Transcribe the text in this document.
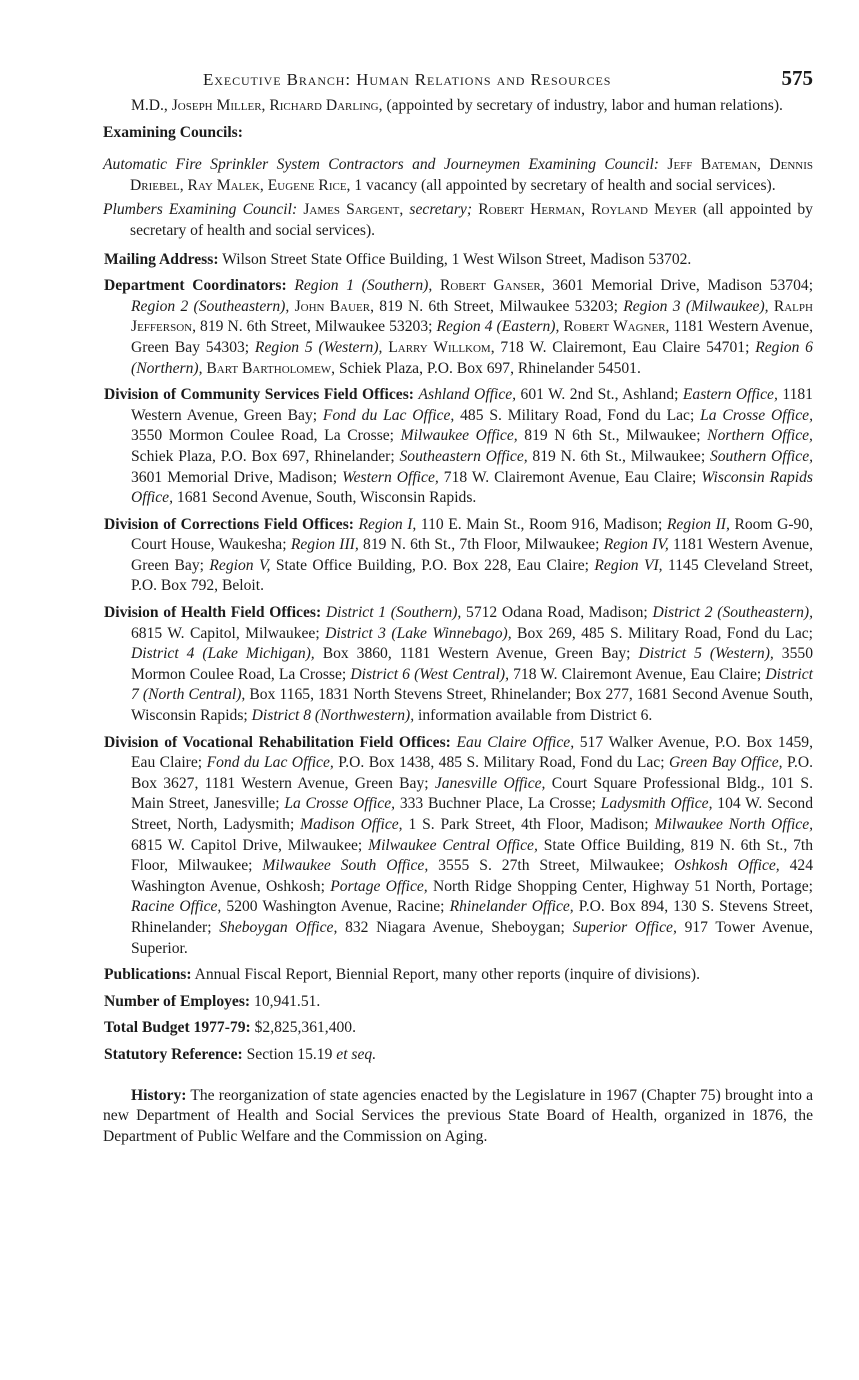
Executive Branch: Human Relations and Resources	575

M.D., Joseph Miller, Richard Darling, (appointed by secretary of industry, labor and human relations).

Examining Councils:

Automatic Fire Sprinkler System Contractors and Journeymen Examining Council: Jeff Bateman, Dennis Driebel, Ray Malek, Eugene Rice, 1 vacancy (all appointed by secretary of health and social services).

Plumbers Examining Council: James Sargent, secretary; Robert Herman, Royland Meyer (all appointed by secretary of health and social services).

Mailing Address: Wilson Street State Office Building, 1 West Wilson Street, Madison 53702.

Department Coordinators: Region 1 (Southern), Robert Ganser, 3601 Memorial Drive, Madison 53704; Region 2 (Southeastern), John Bauer, 819 N. 6th Street, Milwaukee 53203; Region 3 (Milwaukee), Ralph Jefferson, 819 N. 6th Street, Milwaukee 53203; Region 4 (Eastern), Robert Wagner, 1181 Western Avenue, Green Bay 54303; Region 5 (Western), Larry Willkom, 718 W. Clairemont, Eau Claire 54701; Region 6 (Northern), Bart Bartholomew, Schiek Plaza, P.O. Box 697, Rhinelander 54501.

Division of Community Services Field Offices: Ashland Office, 601 W. 2nd St., Ashland; Eastern Office, 1181 Western Avenue, Green Bay; Fond du Lac Office, 485 S. Military Road, Fond du Lac; La Crosse Office, 3550 Mormon Coulee Road, La Crosse; Milwaukee Office, 819 N 6th St., Milwaukee; Northern Office, Schiek Plaza, P.O. Box 697, Rhinelander; Southeastern Office, 819 N. 6th St., Milwaukee; Southern Office, 3601 Memorial Drive, Madison; Western Office, 718 W. Clairemont Avenue, Eau Claire; Wisconsin Rapids Office, 1681 Second Avenue, South, Wisconsin Rapids.

Division of Corrections Field Offices: Region I, 110 E. Main St., Room 916, Madison; Region II, Room G-90, Court House, Waukesha; Region III, 819 N. 6th St., 7th Floor, Milwaukee; Region IV, 1181 Western Avenue, Green Bay; Region V, State Office Building, P.O. Box 228, Eau Claire; Region VI, 1145 Cleveland Street, P.O. Box 792, Beloit.

Division of Health Field Offices: District 1 (Southern), 5712 Odana Road, Madison; District 2 (Southeastern), 6815 W. Capitol, Milwaukee; District 3 (Lake Winnebago), Box 269, 485 S. Military Road, Fond du Lac; District 4 (Lake Michigan), Box 3860, 1181 Western Avenue, Green Bay; District 5 (Western), 3550 Mormon Coulee Road, La Crosse; District 6 (West Central), 718 W. Clairemont Avenue, Eau Claire; District 7 (North Central), Box 1165, 1831 North Stevens Street, Rhinelander; Box 277, 1681 Second Avenue South, Wisconsin Rapids; District 8 (Northwestern), information available from District 6.

Division of Vocational Rehabilitation Field Offices: Eau Claire Office, 517 Walker Avenue, P.O. Box 1459, Eau Claire; Fond du Lac Office, P.O. Box 1438, 485 S. Military Road, Fond du Lac; Green Bay Office, P.O. Box 3627, 1181 Western Avenue, Green Bay; Janesville Office, Court Square Professional Bldg., 101 S. Main Street, Janesville; La Crosse Office, 333 Buchner Place, La Crosse; Ladysmith Office, 104 W. Second Street, North, Ladysmith; Madison Office, 1 S. Park Street, 4th Floor, Madison; Milwaukee North Office, 6815 W. Capitol Drive, Milwaukee; Milwaukee Central Office, State Office Building, 819 N. 6th St., 7th Floor, Milwaukee; Milwaukee South Office, 3555 S. 27th Street, Milwaukee; Oshkosh Office, 424 Washington Avenue, Oshkosh; Portage Office, North Ridge Shopping Center, Highway 51 North, Portage; Racine Office, 5200 Washington Avenue, Racine; Rhinelander Office, P.O. Box 894, 130 S. Stevens Street, Rhinelander; Sheboygan Office, 832 Niagara Avenue, Sheboygan; Superior Office, 917 Tower Avenue, Superior.

Publications: Annual Fiscal Report, Biennial Report, many other reports (inquire of divisions).

Number of Employes: 10,941.51.

Total Budget 1977-79: $2,825,361,400.

Statutory Reference: Section 15.19 et seq.

History: The reorganization of state agencies enacted by the Legislature in 1967 (Chapter 75) brought into a new Department of Health and Social Services the previous State Board of Health, organized in 1876, the Department of Public Welfare and the Commission on Aging.
